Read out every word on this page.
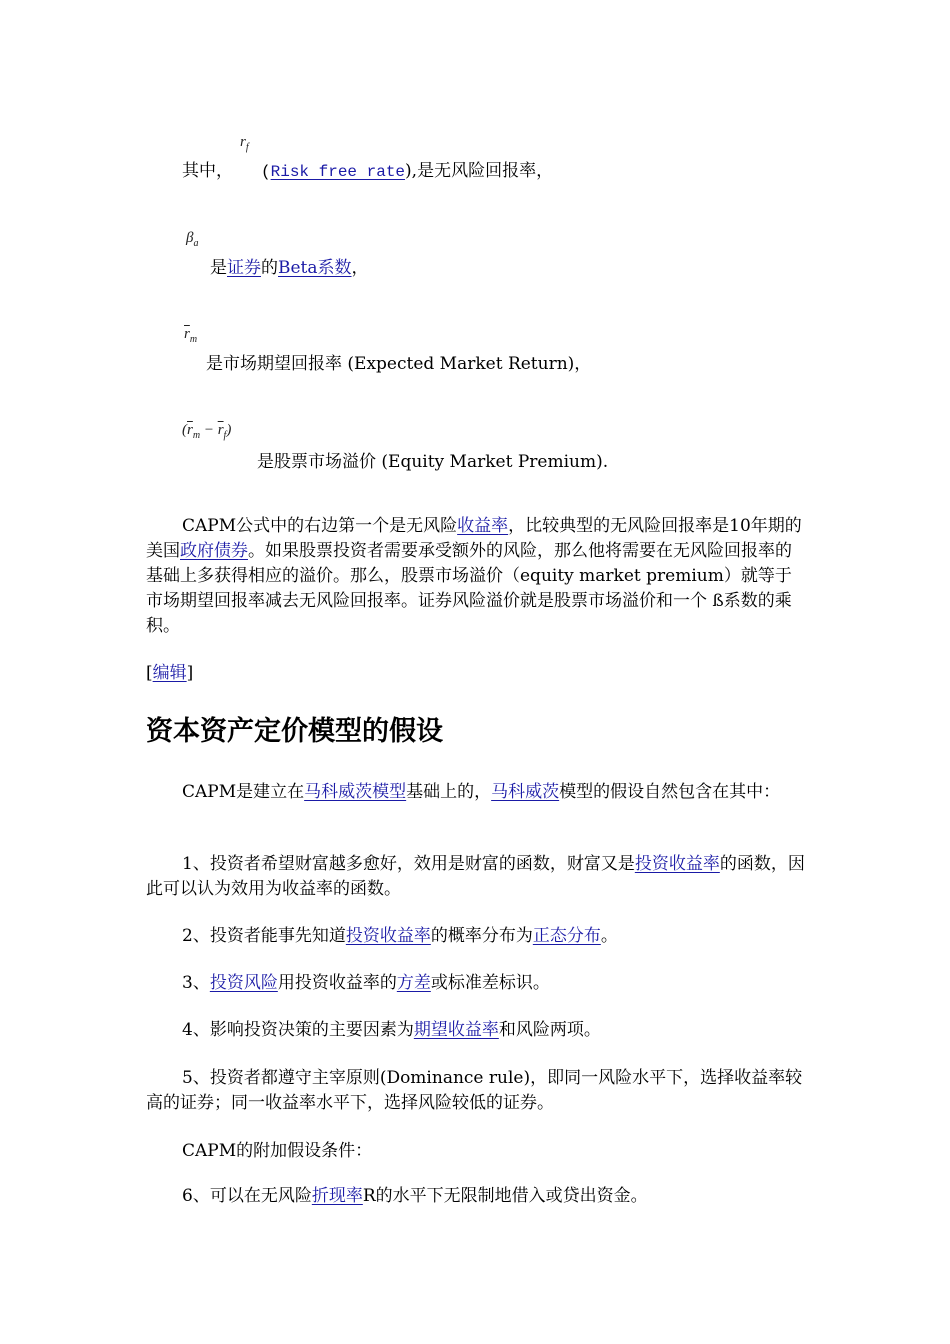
$r_f$
其中， (Risk free rate),是无风险回报率，
$\beta_a$
是证券的Beta系数，
$\overline{r}_m$
是市场期望回报率 (Expected Market Return)，
$(\overline{r}_m - \overline{r}_f)$
是股票市场溢价 (Equity Market Premium).

CAPM公式中的右边第一个是无风险收益率，比较典型的无风险回报率是10年期的美国政府债券。如果股票投资者需要承受额外的风险，那么他将需要在无风险回报率的基础上多获得相应的溢价。那么，股票市场溢价（equity market premium）就等于市场期望回报率减去无风险回报率。证券风险溢价就是股票市场溢价和一个 ß系数的乘积。

[编辑]
资本资产定价模型的假设

CAPM是建立在马科威茨模型基础上的，马科威茨模型的假设自然包含在其中：

1、投资者希望财富越多愈好，效用是财富的函数，财富又是投资收益率的函数，因此可以认为效用为收益率的函数。

2、投资者能事先知道投资收益率的概率分布为正态分布。

3、投资风险用投资收益率的方差或标准差标识。

4、影响投资决策的主要因素为期望收益率和风险两项。

5、投资者都遵守主宰原则(Dominance rule)，即同一风险水平下，选择收益率较高的证券；同一收益率水平下，选择风险较低的证券。

CAPM的附加假设条件：

6、可以在无风险折现率R的水平下无限制地借入或贷出资金。
